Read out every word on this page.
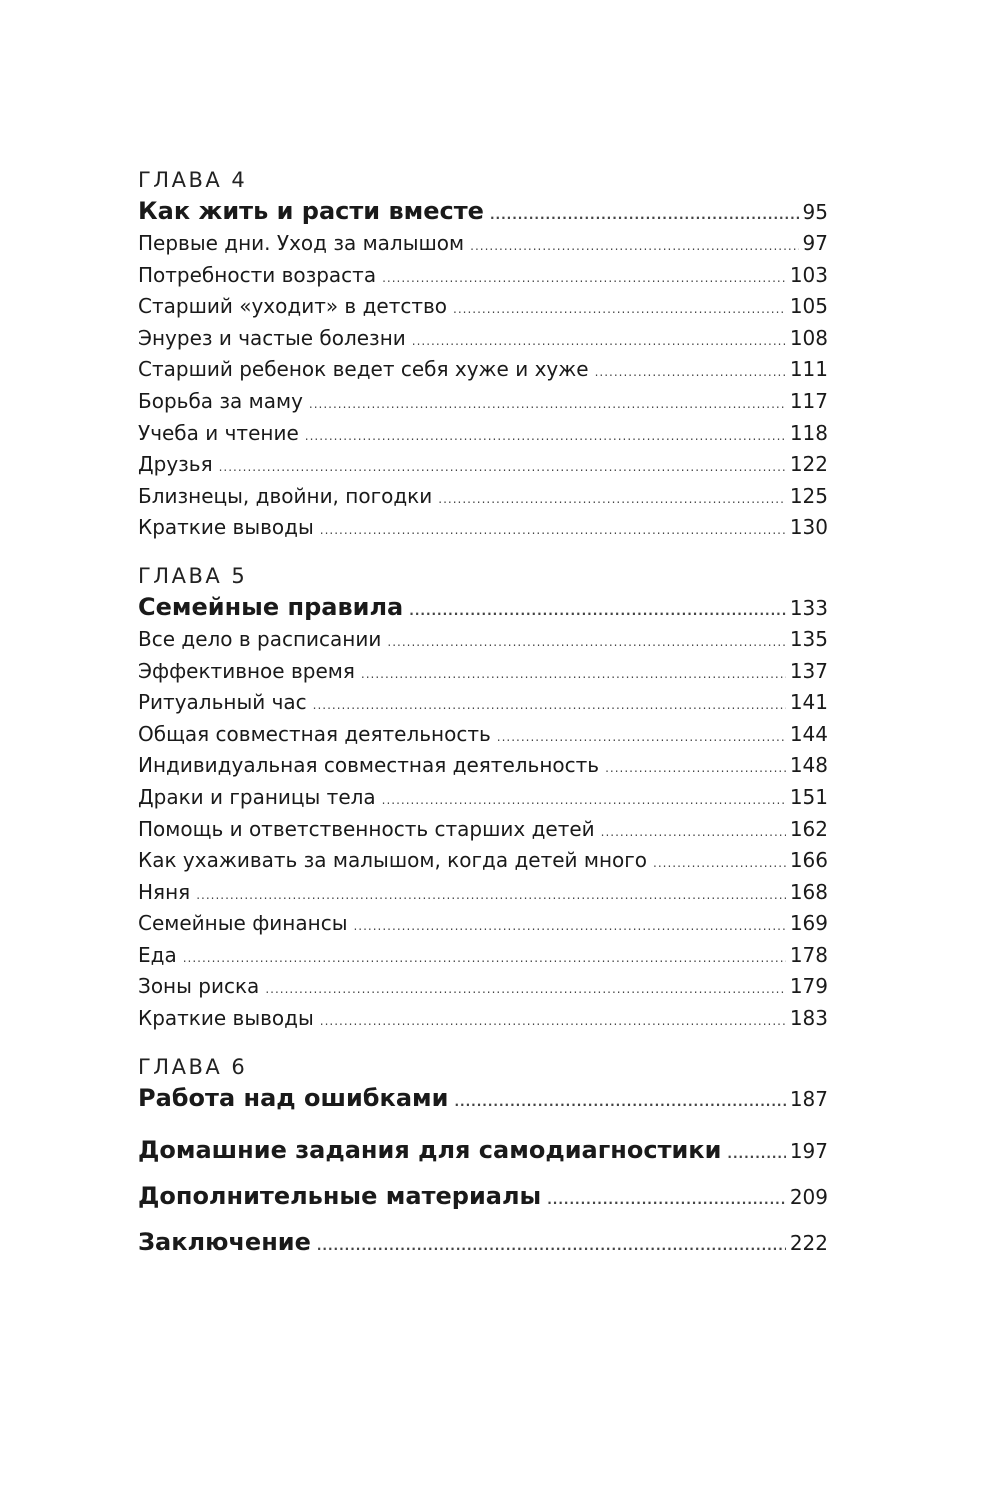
ГЛАВА 4
Как жить и расти вместе .....	95
Первые дни. Уход за малышом .....	97
Потребности возраста .....	103
Старший «уходит» в детство .....	105
Энурез и частые болезни .....	108
Старший ребенок ведет себя хуже и хуже .....	111
Борьба за маму .....	117
Учеба и чтение .....	118
Друзья .....	122
Близнецы, двойни, погодки .....	125
Краткие выводы .....	130
ГЛАВА 5
Семейные правила .....	133
Все дело в расписании .....	135
Эффективное время .....	137
Ритуальный час .....	141
Общая совместная деятельность .....	144
Индивидуальная совместная деятельность .....	148
Драки и границы тела .....	151
Помощь и ответственность старших детей .....	162
Как ухаживать за малышом, когда детей много .....	166
Няня .....	168
Семейные финансы .....	169
Еда .....	178
Зоны риска .....	179
Краткие выводы .....	183
ГЛАВА 6
Работа над ошибками .....	187
Домашние задания для самодиагностики .....	197
Дополнительные материалы .....	209
Заключение .....	222
